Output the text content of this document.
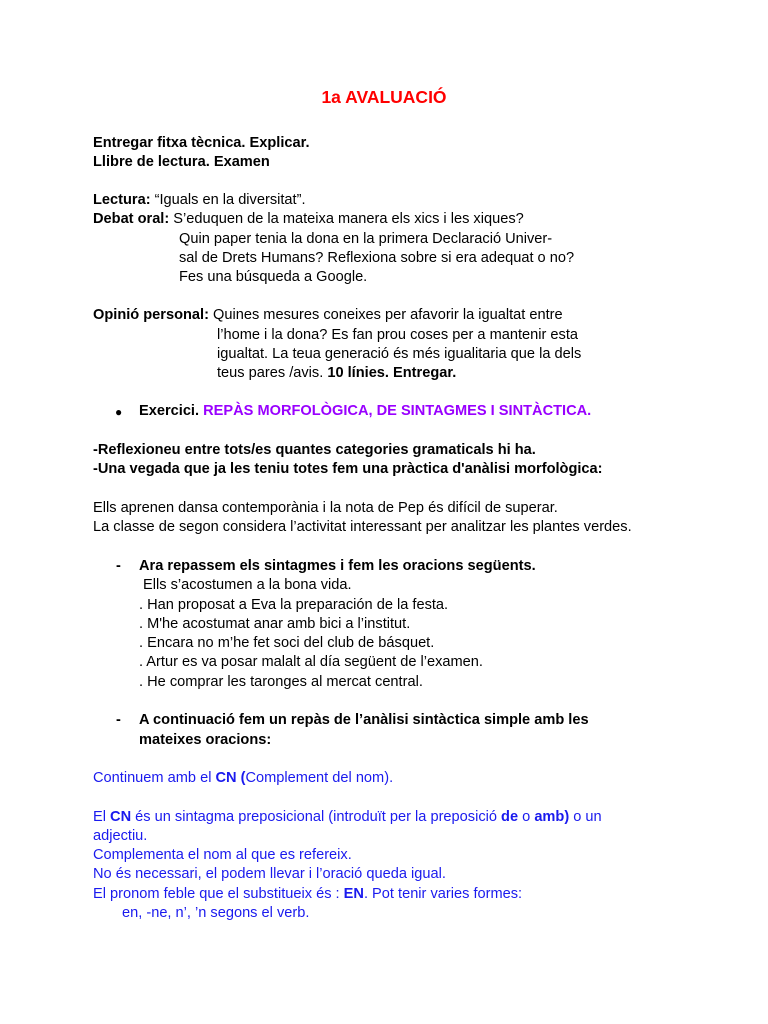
1a AVALUACIÓ
Entregar fitxa tècnica. Explicar.
Llibre de lectura. Examen
Lectura: “Iguals en la diversitat”.
Debat oral: S’eduquen de la mateixa manera els xics i les xiques?
Quin paper tenia la dona en la primera Declaració Univer-
sal de Drets Humans? Reflexiona sobre si era adequat o no?
Fes una búsqueda a Google.
Opinió personal: Quines mesures coneixes per afavorir la igualtat entre
l’home i la dona? Es fan prou coses per a mantenir esta
igualtat. La teua generació és més igualitaria que la dels
teus pares /avis. 10 línies. Entregar.
● Exercici. REPÀS MORFOLÒGICA, DE SINTAGMES I SINTÀCTICA.
-Reflexioneu entre tots/es quantes categories gramaticals hi ha.
-Una vegada que ja les teniu totes fem una pràctica d'anàlisi morfològica:
Ells aprenen dansa contemporània i la nota de Pep és difícil de superar.
La classe de segon considera l’activitat interessant per analitzar les plantes verdes.
- Ara repassem els sintagmes i fem les oracions següents.
Ells s’acostumen a la bona vida.
. Han proposat a Eva la preparación de la festa.
. M'he acostumat anar amb bici a l’institut.
. Encara no m’he fet soci del club de básquet.
. Artur es va posar malalt al día següent de l’examen.
. He comprar les taronges al mercat central.
- A continuació fem un repàs de l’anàlisi sintàctica simple amb les
mateixes oracions:
Continuem amb el CN (Complement del nom).
El CN és un sintagma preposicional (introduït per la preposició de o amb) o un
adjectiu.
Complementa el nom al que es refereix.
No és necessari, el podem llevar i l’oració queda igual.
El pronom feble que el substitueix és : EN. Pot tenir varies formes:
en, -ne, n’, ’n segons el verb.
